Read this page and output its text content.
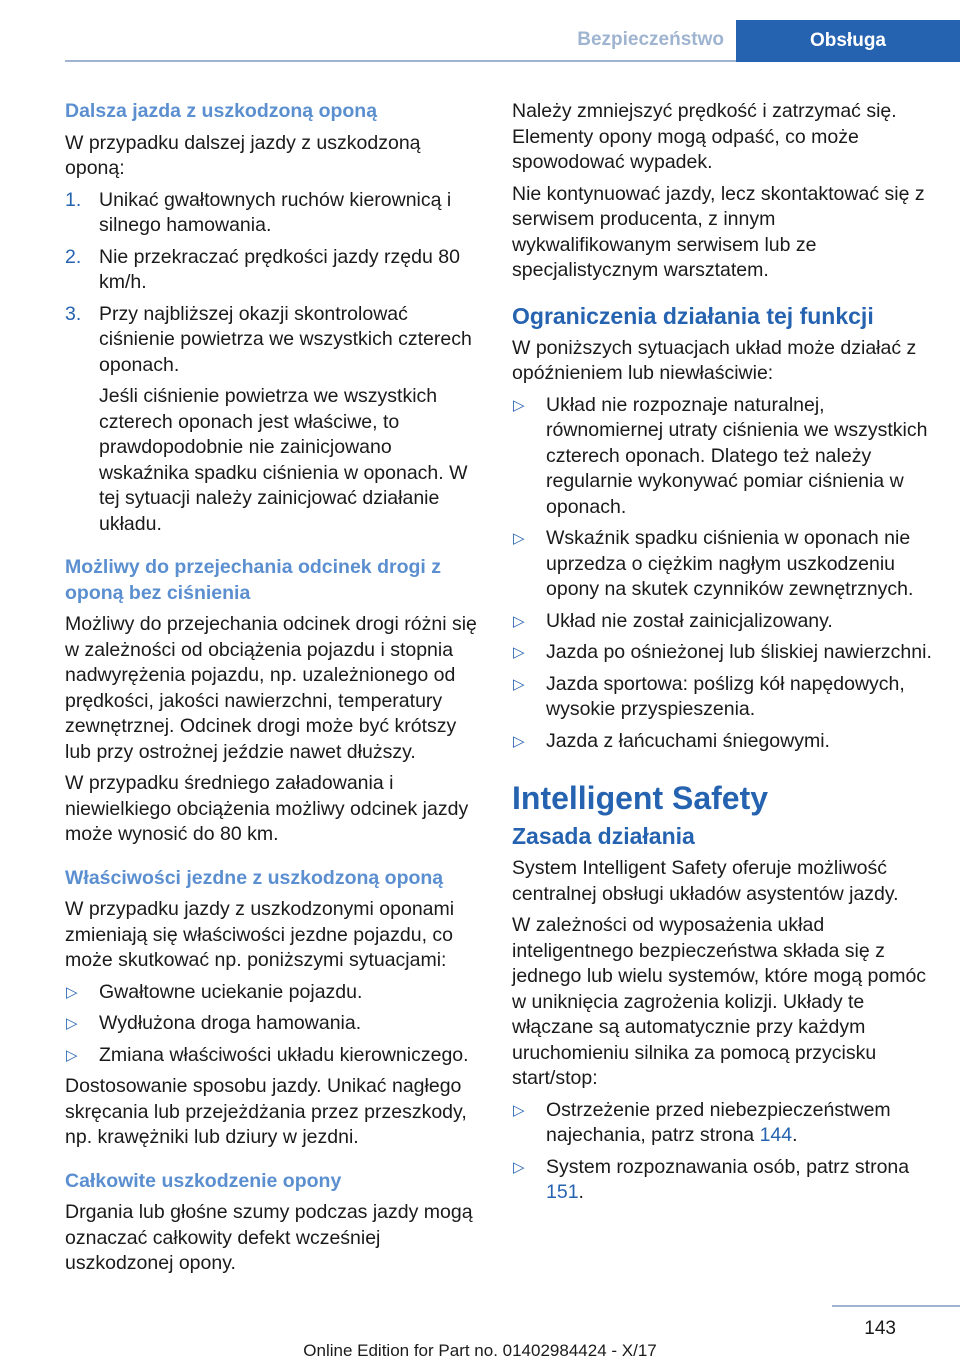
Bezpieczeństwo	Obsługa

Dalsza jazda z uszkodzoną oponą

W przypadku dalszej jazdy z uszkodzoną oponą:

1. Unikać gwałtownych ruchów kierownicą i silnego hamowania.
2. Nie przekraczać prędkości jazdy rzędu 80 km/h.
3. Przy najbliższej okazji skontrolować ciśnienie powietrza we wszystkich czterech oponach.

Jeśli ciśnienie powietrza we wszystkich czterech oponach jest właściwe, to prawdopodobnie nie zainicjowano wskaźnika spadku ciśnienia w oponach. W tej sytuacji należy zainicjować działanie układu.

Możliwy do przejechania odcinek drogi z oponą bez ciśnienia

Możliwy do przejechania odcinek drogi różni się w zależności od obciążenia pojazdu i stopnia nadwyrężenia pojazdu, np. uzależnionego od prędkości, jakości nawierzchni, temperatury zewnętrznej. Odcinek drogi może być krótszy lub przy ostrożnej jeździe nawet dłuższy.

W przypadku średniego załadowania i niewielkiego obciążenia możliwy odcinek jazdy może wynosić do 80 km.

Właściwości jezdne z uszkodzoną oponą

W przypadku jazdy z uszkodzonymi oponami zmieniają się właściwości jezdne pojazdu, co może skutkować np. poniższymi sytuacjami:

▷ Gwałtowne uciekanie pojazdu.
▷ Wydłużona droga hamowania.
▷ Zmiana właściwości układu kierowniczego.

Dostosowanie sposobu jazdy. Unikać nagłego skręcania lub przejeżdżania przez przeszkody, np. krawężniki lub dziury w jezdni.

Całkowite uszkodzenie opony

Drgania lub głośne szumy podczas jazdy mogą oznaczać całkowity defekt wcześniej uszkodzonej opony.

Należy zmniejszyć prędkość i zatrzymać się. Elementy opony mogą odpaść, co może spowodować wypadek.

Nie kontynuować jazdy, lecz skontaktować się z serwisem producenta, z innym wykwalifikowanym serwisem lub ze specjalistycznym warsztatem.

Ograniczenia działania tej funkcji

W poniższych sytuacjach układ może działać z opóźnieniem lub niewłaściwie:

▷ Układ nie rozpoznaje naturalnej, równomiernej utraty ciśnienia we wszystkich czterech oponach. Dlatego też należy regularnie wykonywać pomiar ciśnienia w oponach.
▷ Wskaźnik spadku ciśnienia w oponach nie uprzedza o ciężkim nagłym uszkodzeniu opony na skutek czynników zewnętrznych.
▷ Układ nie został zainicjalizowany.
▷ Jazda po ośnieżonej lub śliskiej nawierzchni.
▷ Jazda sportowa: poślizg kół napędowych, wysokie przyspieszenia.
▷ Jazda z łańcuchami śniegowymi.

Intelligent Safety

Zasada działania

System Intelligent Safety oferuje możliwość centralnej obsługi układów asystentów jazdy.

W zależności od wyposażenia układ inteligentnego bezpieczeństwa składa się z jednego lub wielu systemów, które mogą pomóc w uniknięcia zagrożenia kolizji. Układy te włączane są automatycznie przy każdym uruchomieniu silnika za pomocą przycisku start/stop:

▷ Ostrzeżenie przed niebezpieczeństwem najechania, patrz strona 144.
▷ System rozpoznawania osób, patrz strona 151.
143
Online Edition for Part no. 01402984424 - X/17
